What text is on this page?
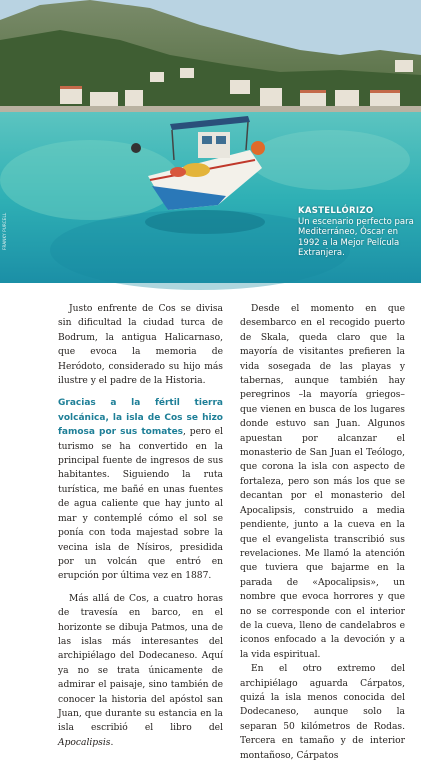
FRANKY PURCELL
KASTELLÓRIZO
Un escenario perfecto para Mediterráneo, Óscar en 1992 a la Mejor Película Extranjera.

Justo enfrente de Cos se divisa sin dificultad la ciudad turca de Bodrum, la antigua Halicarnaso, que evoca la memoria de Heródoto, considerado su hijo más ilustre y el padre de la Historia.

Gracias a la fértil tierra volcánica, la isla de Cos se hizo famosa por sus tomates, pero el turismo se ha convertido en la principal fuente de ingresos de sus habitantes. Siguiendo la ruta turística, me bañé en unas fuentes de agua caliente que hay junto al mar y contemplé cómo el sol se ponía con toda majestad sobre la vecina isla de Nísiros, presidida por un volcán que entró en erupción por última vez en 1887.

Más allá de Cos, a cuatro horas de travesía en barco, en el horizonte se dibuja Patmos, una de las islas más interesantes del archipiélago del Dodecaneso. Aquí ya no se trata únicamente de admirar el paisaje, sino también de conocer la historia del apóstol san Juan, que durante su estancia en la isla escribió el libro del Apocalipsis.

Desde el momento en que desembarco en el recogido puerto de Skala, queda claro que la mayoría de visitantes prefieren la vida sosegada de las playas y tabernas, aunque también hay peregrinos –la mayoría griegos– que vienen en busca de los lugares donde estuvo san Juan. Algunos apuestan por alcanzar el monasterio de San Juan el Teólogo, que corona la isla con aspecto de fortaleza, pero son más los que se decantan por el monasterio del Apocalipsis, construido a media pendiente, junto a la cueva en la que el evangelista transcribió sus revelaciones. Me llamó la atención que tuviera que bajarme en la parada de «Apocalipsis», un nombre que evoca horrores y que no se corresponde con el interior de la cueva, lleno de candelabros e iconos enfocado a la devoción y a la vida espiritual.

En el otro extremo del archipiélago aguarda Cárpatos, quizá la isla menos conocida del Dodecaneso, aunque solo la separan 50 kilómetros de Rodas. Tercera en tamaño y de interior montañoso, Cárpatos
